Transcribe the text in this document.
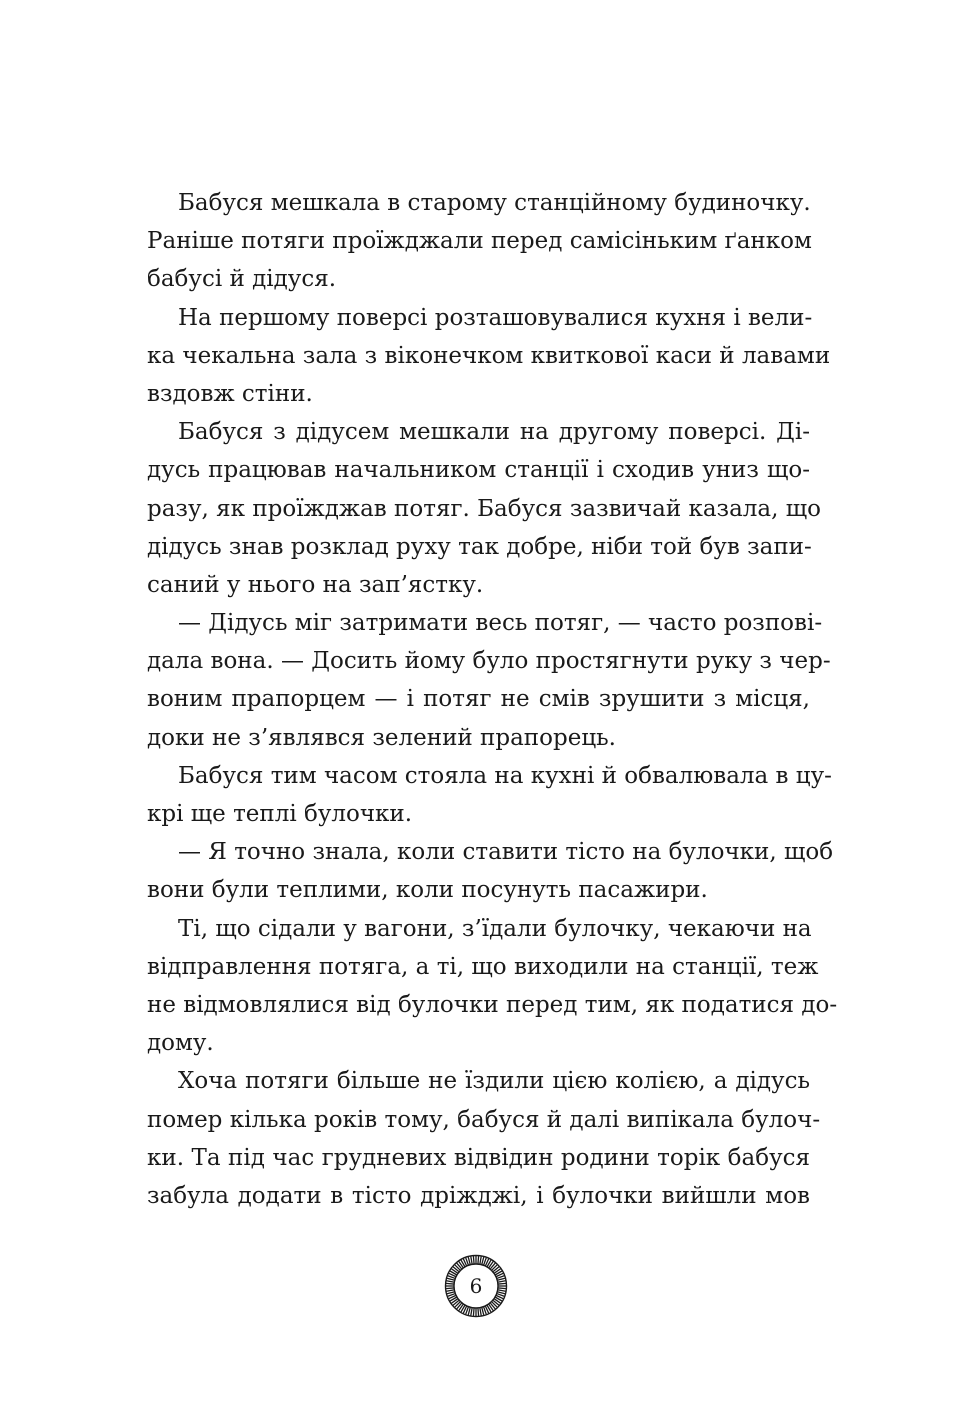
Бабуся мешкала в старому станційному будиночку.
Раніше потяги проїжджали перед самісіньким ґанком
бабусі й дідуся.
На першому поверсі розташовувалися кухня і вели-
ка чекальна зала з віконечком квиткової каси й лавами
вздовж стіни.
Бабуся з дідусем мешкали на другому поверсі. Ді-
дусь працював начальником станції і сходив униз що-
разу, як проїжджав потяг. Бабуся зазвичай казала, що
дідусь знав розклад руху так добре, ніби той був запи-
саний у нього на зап’ястку.
— Дідусь міг затримати весь потяг, — часто розпові-
дала вона. — Досить йому було простягнути руку з чер-
воним прапорцем — і потяг не смів зрушити з місця,
доки не з’являвся зелений прапорець.
Бабуся тим часом стояла на кухні й обвалювала в цу-
крі ще теплі булочки.
— Я точно знала, коли ставити тісто на булочки, щоб
вони були теплими, коли посунуть пасажири.
Ті, що сідали у вагони, з’їдали булочку, чекаючи на
відправлення потяга, а ті, що виходили на станції, теж
не відмовлялися від булочки перед тим, як податися до-
дому.
Хоча потяги більше не їздили цією колією, а дідусь
помер кілька років тому, бабуся й далі випікала булоч-
ки. Та під час грудневих відвідин родини торік бабуся
забула додати в тісто дріжджі, і булочки вийшли мов
6
